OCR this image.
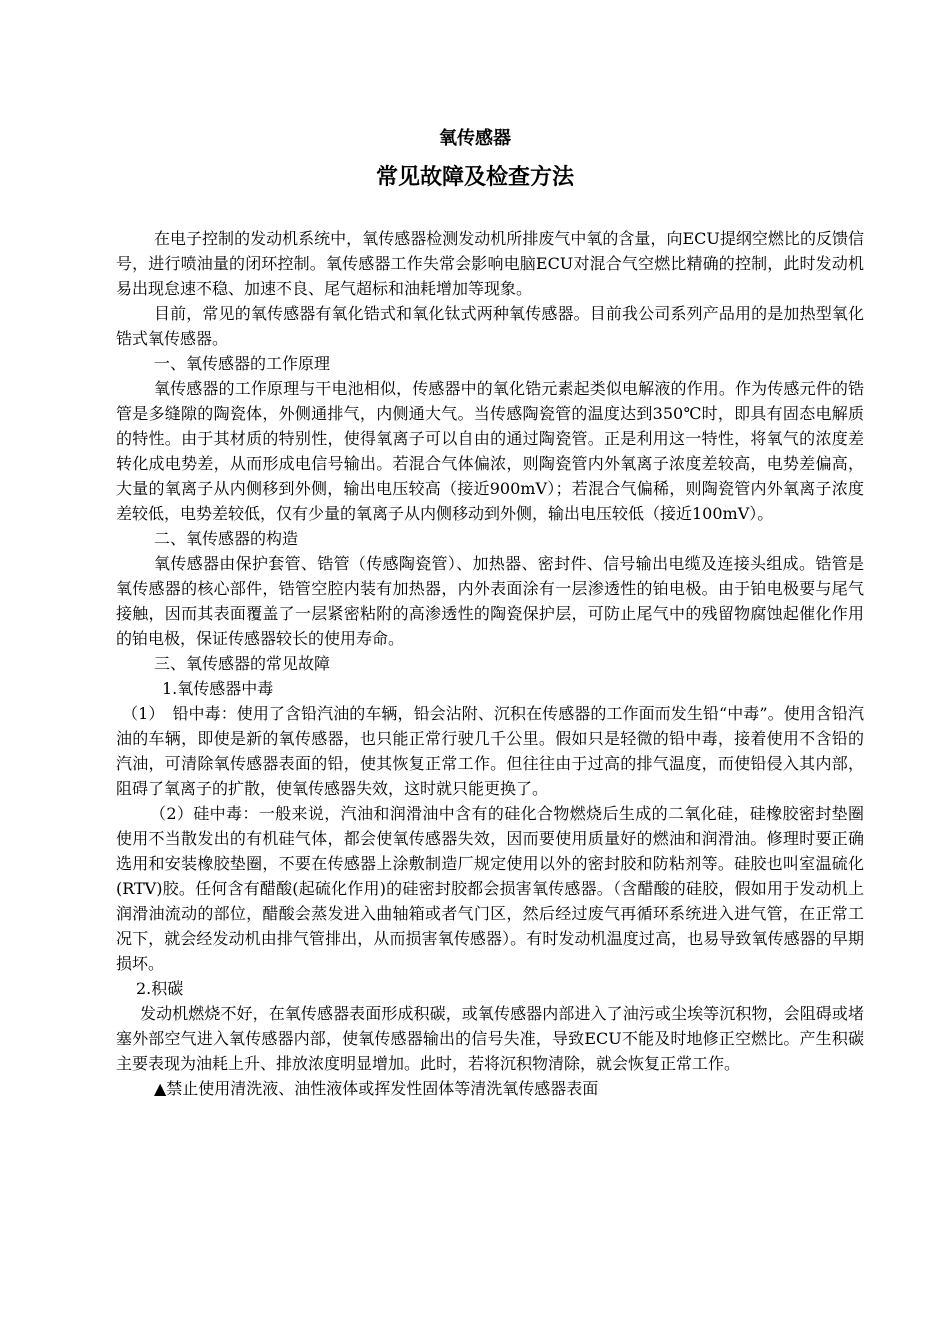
氧传感器
常见故障及检查方法

在电子控制的发动机系统中，氧传感器检测发动机所排废气中氧的含量，向ECU提纲空燃比的反馈信号，进行喷油量的闭环控制。氧传感器工作失常会影响电脑ECU对混合气空燃比精确的控制，此时发动机易出现怠速不稳、加速不良、尾气超标和油耗增加等现象。

目前，常见的氧传感器有氧化锆式和氧化钛式两种氧传感器。目前我公司系列产品用的是加热型氧化锆式氧传感器。

一、氧传感器的工作原理

氧传感器的工作原理与干电池相似，传感器中的氧化锆元素起类似电解液的作用。作为传感元件的锆管是多缝隙的陶瓷体，外侧通排气，内侧通大气。当传感陶瓷管的温度达到350℃时，即具有固态电解质的特性。由于其材质的特别性，使得氧离子可以自由的通过陶瓷管。正是利用这一特性，将氧气的浓度差转化成电势差，从而形成电信号输出。若混合气体偏浓，则陶瓷管内外氧离子浓度差较高，电势差偏高，大量的氧离子从内侧移到外侧，输出电压较高（接近900mV）；若混合气偏稀，则陶瓷管内外氧离子浓度差较低，电势差较低，仅有少量的氧离子从内侧移动到外侧，输出电压较低（接近100mV）。

二、氧传感器的构造

氧传感器由保护套管、锆管（传感陶瓷管）、加热器、密封件、信号输出电缆及连接头组成。锆管是氧传感器的核心部件，锆管空腔内装有加热器，内外表面涂有一层渗透性的铂电极。由于铂电极要与尾气接触，因而其表面覆盖了一层紧密粘附的高渗透性的陶瓷保护层，可防止尾气中的残留物腐蚀起催化作用的铂电极，保证传感器较长的使用寿命。

三、氧传感器的常见故障

1.氧传感器中毒

（1）　铅中毒：使用了含铅汽油的车辆，铅会沾附、沉积在传感器的工作面而发生铅“中毒”。使用含铅汽油的车辆，即使是新的氧传感器，也只能正常行驶几千公里。假如只是轻微的铅中毒，接着使用不含铅的汽油，可清除氧传感器表面的铅，使其恢复正常工作。但往往由于过高的排气温度，而使铅侵入其内部，阻碍了氧离子的扩散，使氧传感器失效，这时就只能更换了。

（2）硅中毒：一般来说，汽油和润滑油中含有的硅化合物燃烧后生成的二氧化硅，硅橡胶密封垫圈使用不当散发出的有机硅气体，都会使氧传感器失效，因而要使用质量好的燃油和润滑油。修理时要正确选用和安装橡胶垫圈，不要在传感器上涂敷制造厂规定使用以外的密封胶和防粘剂等。硅胶也叫室温硫化(RTV)胶。任何含有醋酸(起硫化作用)的硅密封胶都会损害氧传感器。（含醋酸的硅胶，假如用于发动机上润滑油流动的部位，醋酸会蒸发进入曲轴箱或者气门区，然后经过废气再循环系统进入进气管，在正常工况下，就会经发动机由排气管排出，从而损害氧传感器）。有时发动机温度过高，也易导致氧传感器的早期损坏。

2.积碳

发动机燃烧不好，在氧传感器表面形成积碳，或氧传感器内部进入了油污或尘埃等沉积物，会阻碍或堵塞外部空气进入氧传感器内部，使氧传感器输出的信号失准，导致ECU不能及时地修正空燃比。产生积碳主要表现为油耗上升、排放浓度明显增加。此时，若将沉积物清除，就会恢复正常工作。

▲禁止使用清洗液、油性液体或挥发性固体等清洗氧传感器表面
